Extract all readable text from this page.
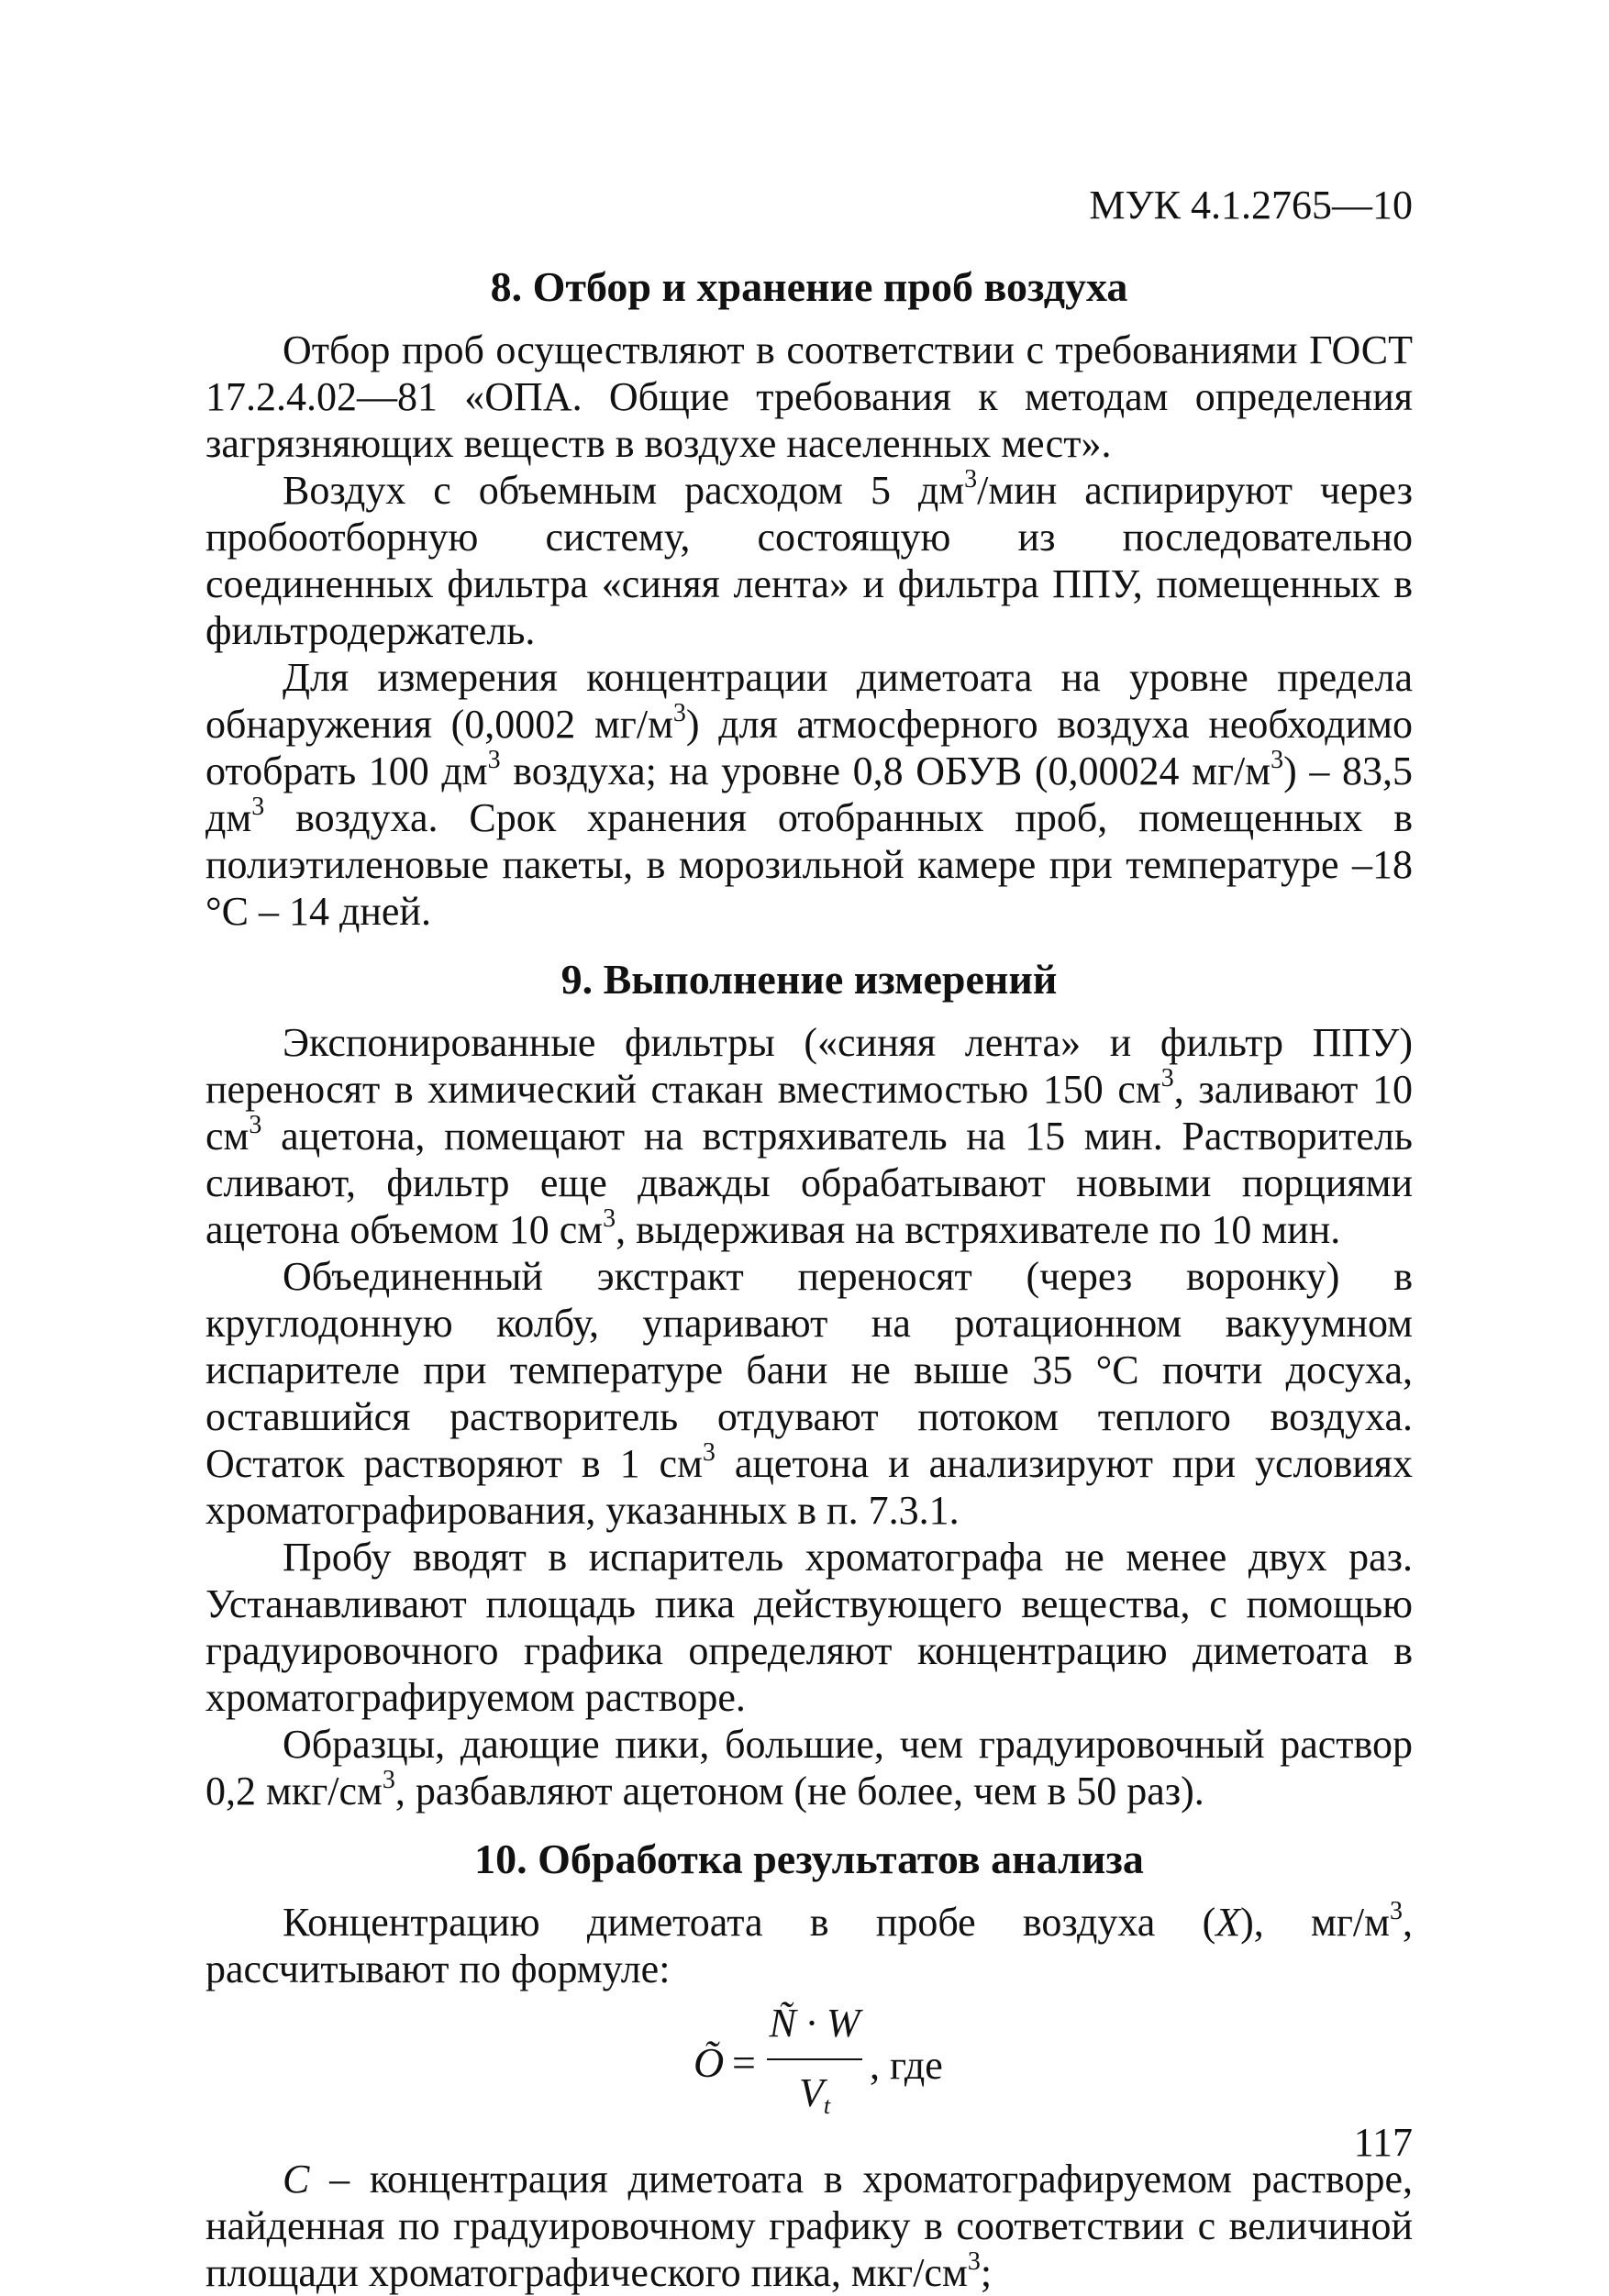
МУК 4.1.2765—10
8. Отбор и хранение проб воздуха

Отбор проб осуществляют в соответствии с требованиями ГОСТ 17.2.4.02—81 «ОПА. Общие требования к методам определения загрязняющих веществ в воздухе населенных мест».

Воздух с объемным расходом 5 $дм^3$/мин аспирируют через пробоотборную систему, состоящую из последовательно соединенных фильтра «синяя лента» и фильтра ППУ, помещенных в фильтродержатель.

Для измерения концентрации диметоата на уровне предела обнаружения (0,0002 $мг/м^3$) для атмосферного воздуха необходимо отобрать 100 $дм^3$ воздуха; на уровне 0,8 ОБУВ (0,00024 $мг/м^3) - 83,5$ $дм^3$ воздуха. Срок хранения отобранных проб, помещенных в полиэтиленовые пакеты, в морозильной камере при температуре –18 °С – 14 дней.

9. Выполнение измерений

Экспонированные фильтры («синяя лента» и фильтр ППУ) переносят в химический стакан вместимостью 150 $см^3$, заливают 10 $см^3$ ацетона, помещают на встряхиватель на 15 мин. Растворитель сливают, фильтр еще дважды обрабатывают новыми порциями ацетона объемом 10 $см^3$, выдерживая на встряхивателе по 10 мин.

Объединенный экстракт переносят (через воронку) в круглодонную колбу, упаривают на ротационном вакуумном испарителе при температуре бани не выше 35 °С почти досуха, оставшийся растворитель отдувают потоком теплого воздуха. Остаток растворяют в 1 $см^3$ ацетона и анализируют при условиях хроматографирования, указанных в п. 7.3.1.

Пробу вводят в испаритель хроматографа не менее двух раз. Устанавливают площадь пика действующего вещества, с помощью градуировочного графика определяют концентрацию диметоата в хроматографируемом растворе.

Образцы, дающие пики, большие, чем градуировочный раствор 0,2 мкг/$см^3$, разбавляют ацетоном (не более, чем в 50 раз).

10. Обработка результатов анализа

Концентрацию диметоата в пробе воздуха (X), $мг/м^3$, рассчитывают по формуле:

Õ =
Ñ · W
$V_t$
, где

С – концентрация диметоата в хроматографируемом растворе, найденная по градуировочному графику в соответствии с величиной площади хроматографического пика, мкг/$см^3$;

117
